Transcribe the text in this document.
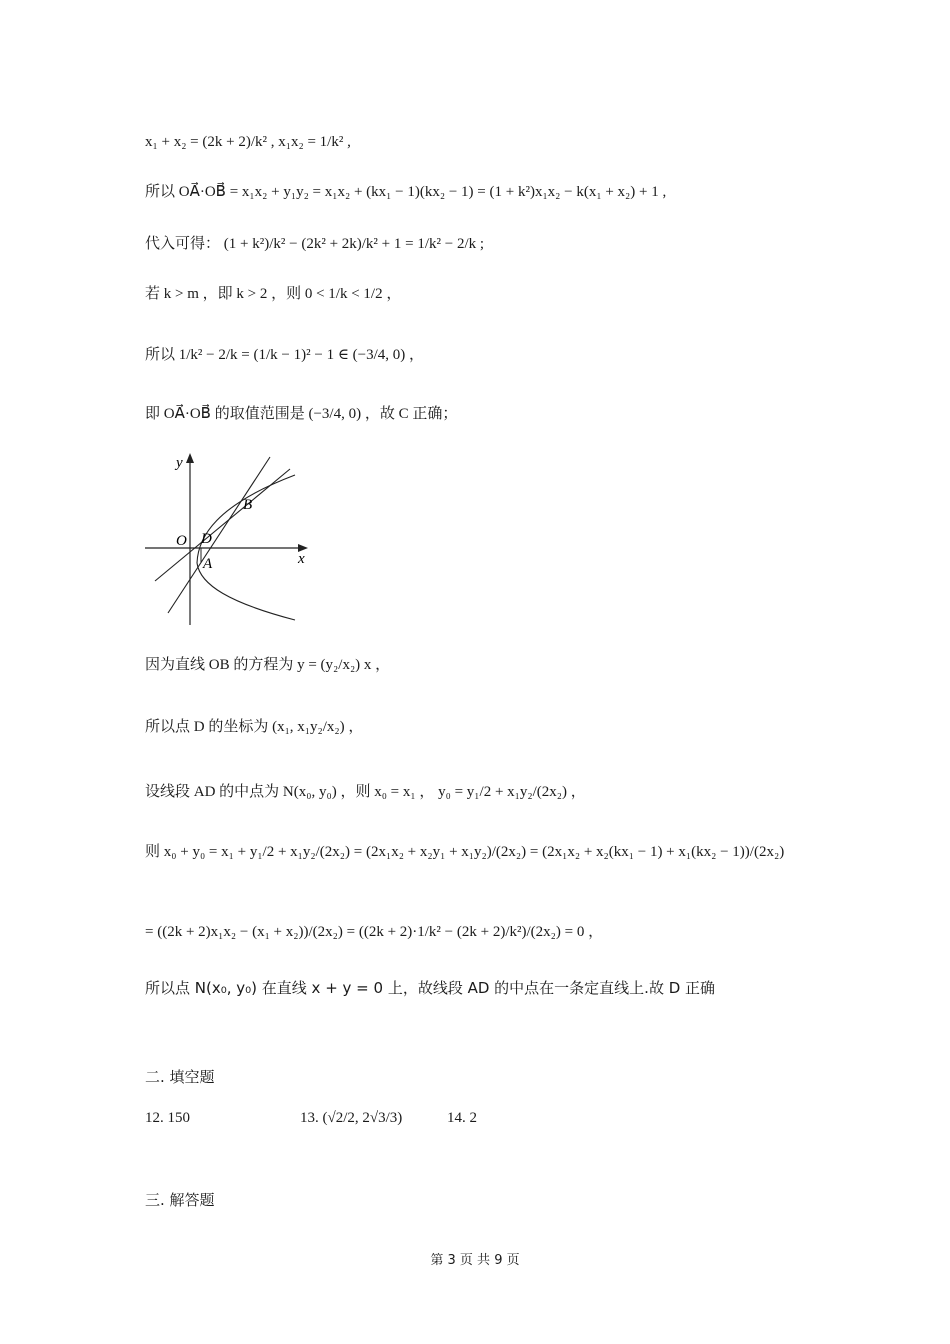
x₁ + x₂ = (2k + 2)/k² , x₁x₂ = 1/k² ,
所以 OA⃗·OB⃗ = x₁x₂ + y₁y₂ = x₁x₂ + (kx₁ − 1)(kx₂ − 1) = (1 + k²)x₁x₂ − k(x₁ + x₂) + 1 ,
代入可得： (1 + k²)/k² − (2k² + 2k)/k² + 1 = 1/k² − 2/k ;
若 k > m ，即 k > 2 ，则 0 < 1/k < 1/2 ，
所以 1/k² − 2/k = (1/k − 1)² − 1 ∈ (−3/4, 0) ，
即 OA⃗·OB⃗ 的取值范围是 (−3/4, 0) ，故 C 正确；
y
x
O D
A
B
因为直线 OB 的方程为 y = (y₂/x₂) x ，
所以点 D 的坐标为 (x₁, x₁y₂/x₂) ，
设线段 AD 的中点为 N(x₀, y₀) ，则 x₀ = x₁ ， y₀ = y₁/2 + x₁y₂/(2x₂) ，
则 x₀ + y₀ = x₁ + y₁/2 + x₁y₂/(2x₂) = (2x₁x₂ + x₂y₁ + x₁y₂)/(2x₂) = (2x₁x₂ + x₂(kx₁ − 1) + x₁(kx₂ − 1))/(2x₂)
= ((2k + 2)x₁x₂ − (x₁ + x₂))/(2x₂) = ((2k + 2)·1/k² − (2k + 2)/k²)/(2x₂) = 0 ，
所以点 N(x₀, y₀) 在直线 x + y = 0 上，故线段 AD 的中点在一条定直线上.故 D 正确
二. 填空题
12. 150	13. (√2/2, 2√3/3)	14. 2
三. 解答题
第 3 页 共 9 页
